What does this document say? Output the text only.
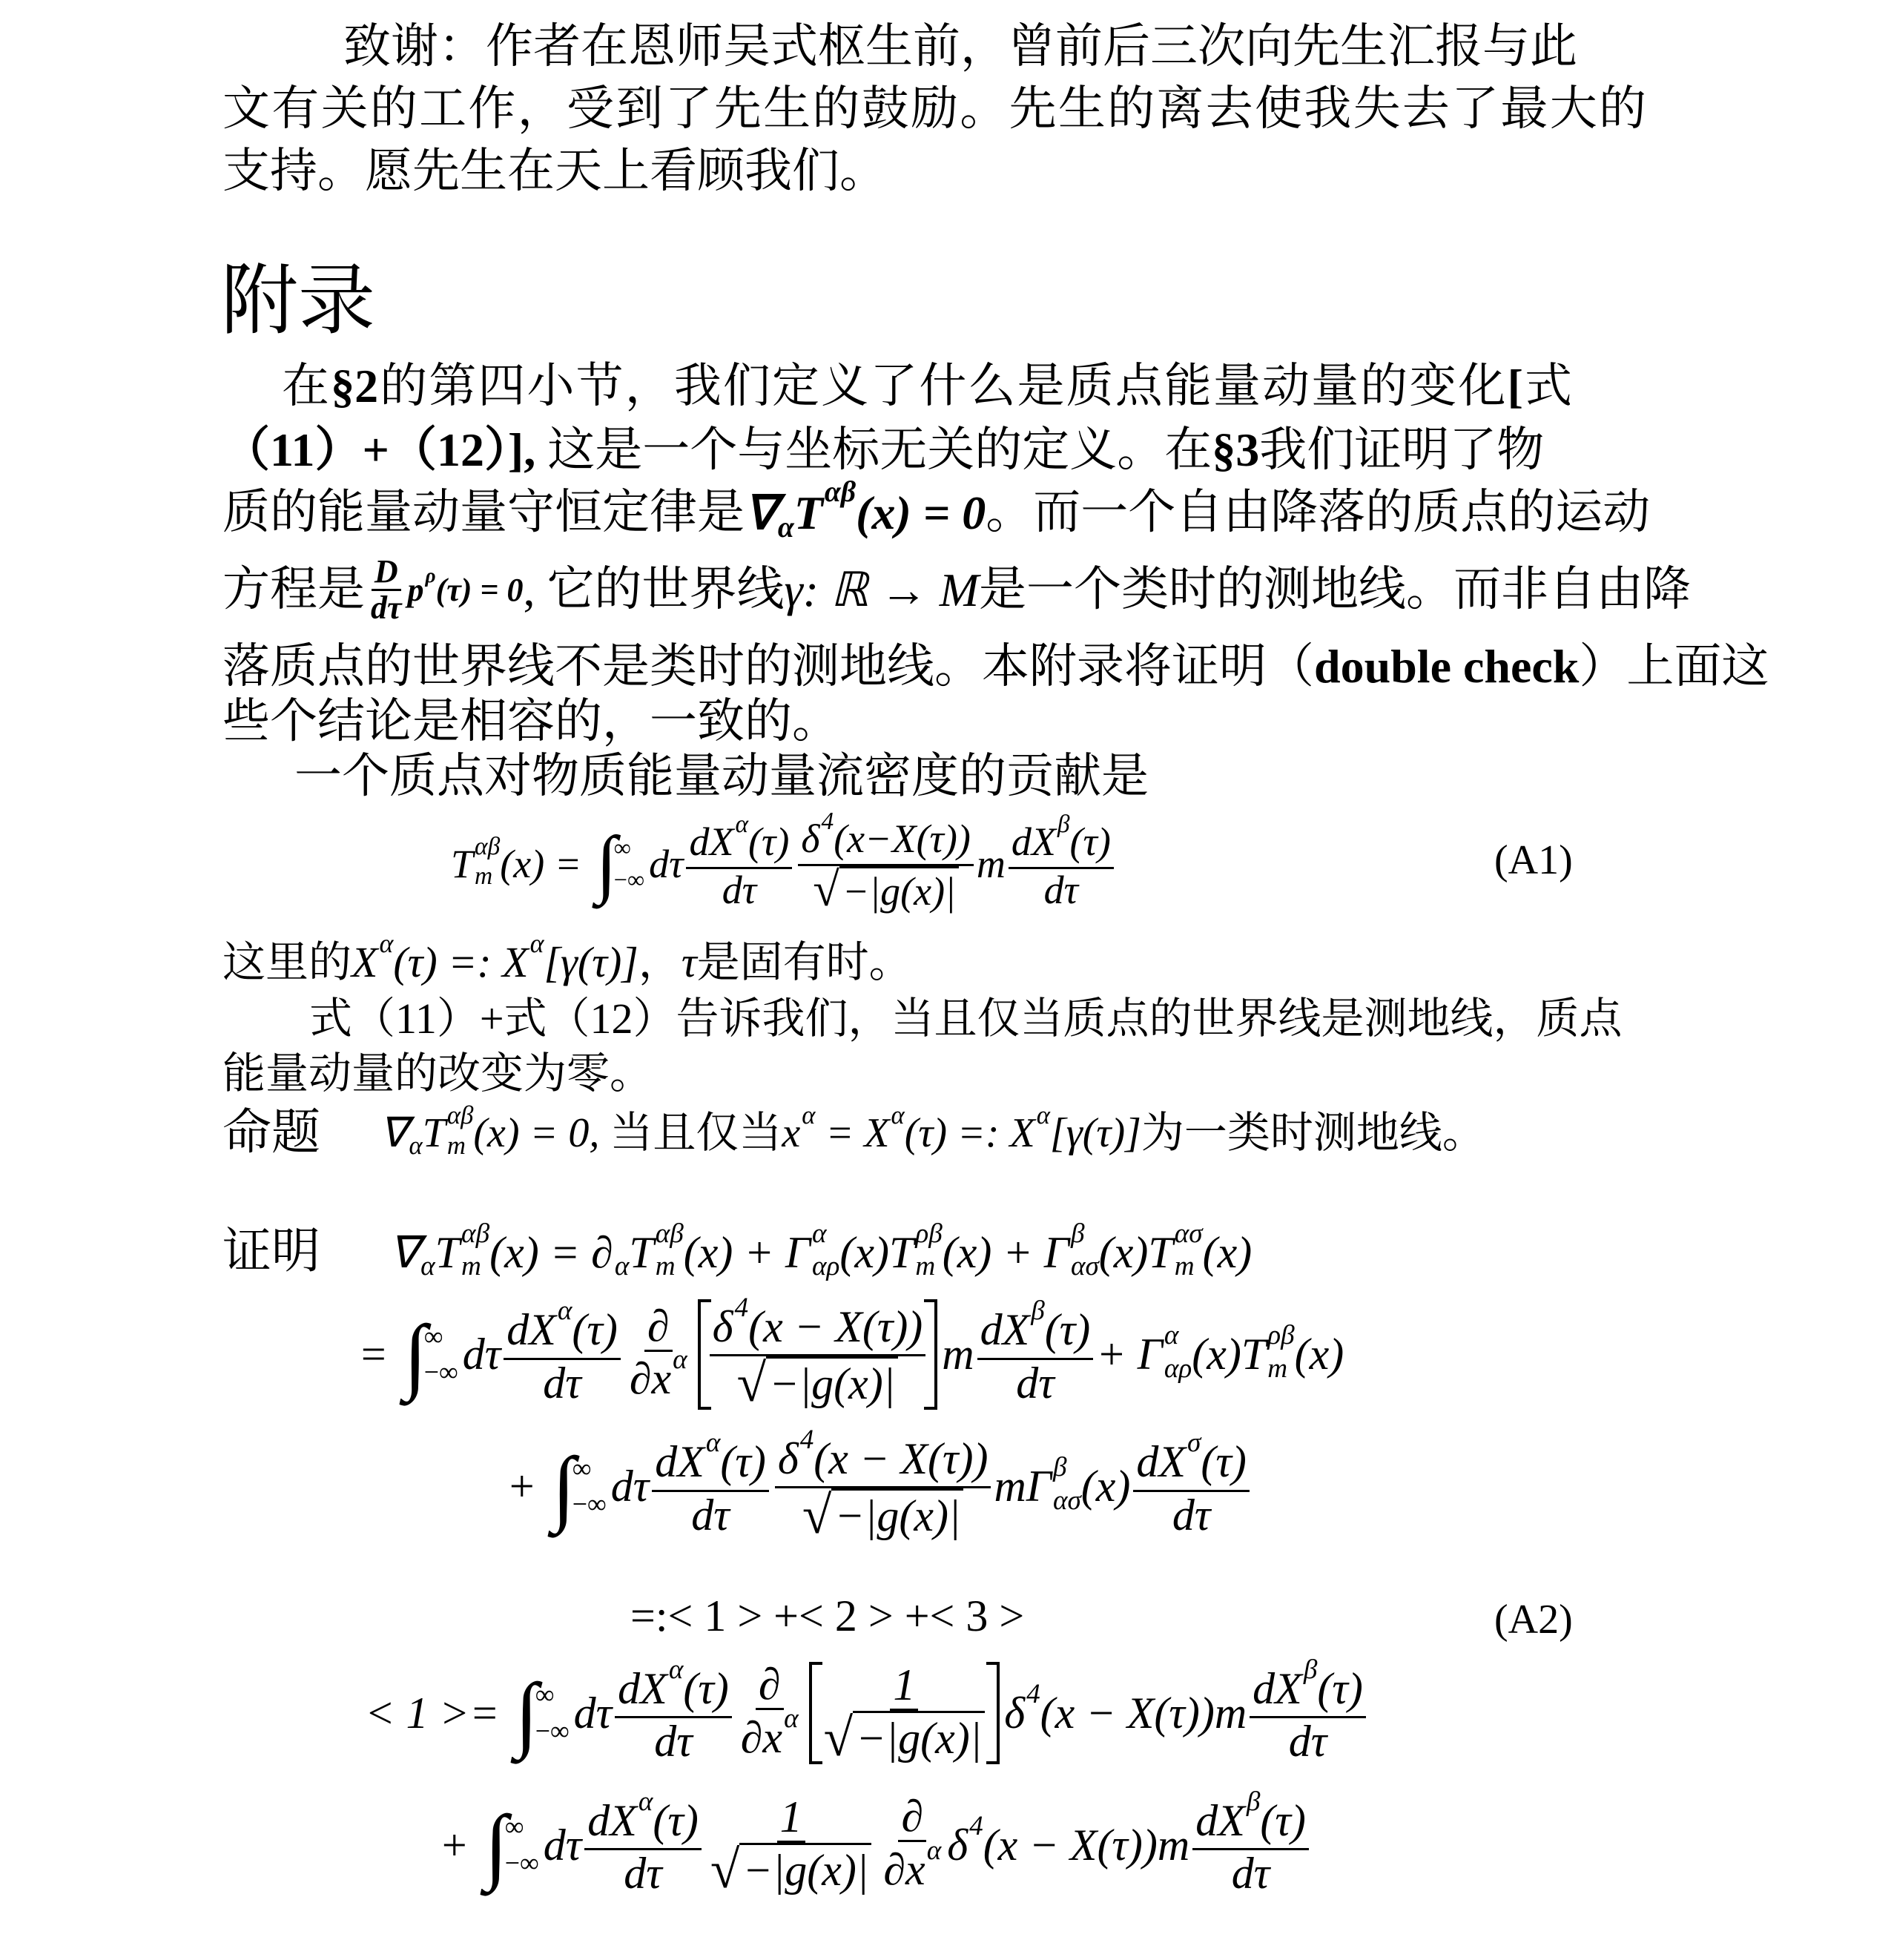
致谢：作者在恩师吴式枢生前，曾前后三次向先生汇报与此
文有关的工作，受到了先生的鼓励。先生的离去使我失去了最大的
支持。愿先生在天上看顾我们。
附录
在§2的第四小节，我们定义了什么是质点能量动量的变化[式
（11）+（12）], 这是一个与坐标无关的定义。在§3我们证明了物
质的能量动量守恒定律是 ∇
α T αβ
(x) = 0 。而一个自由降落的质点的运动
方程是 $\frac{D}{d\tau}$ p ρ
(τ) = 0 , 它的世界线 γ: ℝ → M 是一个类时的测地线。而非自由降
落质点的世界线不是类时的测地线。本附录将证明（double check）上面这
些个结论是相容的，一致的。
一个质点对物质能量动量流密度的贡献是
T αβ
m (x) = ∫
∞
−∞ dτ dX α
(τ)
dτ δ 4
(x−X(τ))
√ −|g(x)| m dX β
(τ)
dτ
(A1)
这里的 X α
(τ) =: X α
[γ(τ)] ， τ 是固有时。
式（11）+式（12）告诉我们，当且仅当质点的世界线是测地线，质点
能量动量的改变为零。
命题 ∇
α T αβ
m (x) = 0, 当且仅当 x α
= X α
(τ) =: X α
[γ(τ)] 为一类时测地线。
证明 ∇
α T αβ
m (x) = ∂
α T αβ
m (x) + Γ α
αρ (x) T ρβ
m (x) + Γ β
ασ (x) T ασ
m (x)
= ∫
∞
−∞ dτ dX α
(τ)
dτ
∂
∂x α
δ 4
(x − X(τ))
√ −|g(x)| m dX β
(τ)
dτ
+ Γ α
αρ (x) T ρβ
m (x)
+ ∫
∞
−∞ dτ dX α
(τ)
dτ δ 4
(x − X(τ))
√ −|g(x)| mΓ β
ασ (x) dX σ
(τ)
dτ
=:< 1 > +< 2 > +< 3 >	(A2)
< 1 >= ∫
∞
−∞ dτ dX α
(τ)
dτ
∂
∂x α
$\frac{1}{√ -|g(x)|}$ δ 4
(x − X(τ))m dX β
(τ)
dτ
+ ∫
∞
−∞ dτ dX α
(τ)
dτ $\frac{1}{√ -|g(x)|}$ ∂
∂x α
δ 4
(x − X(τ))m dX β
(τ)
dτ
